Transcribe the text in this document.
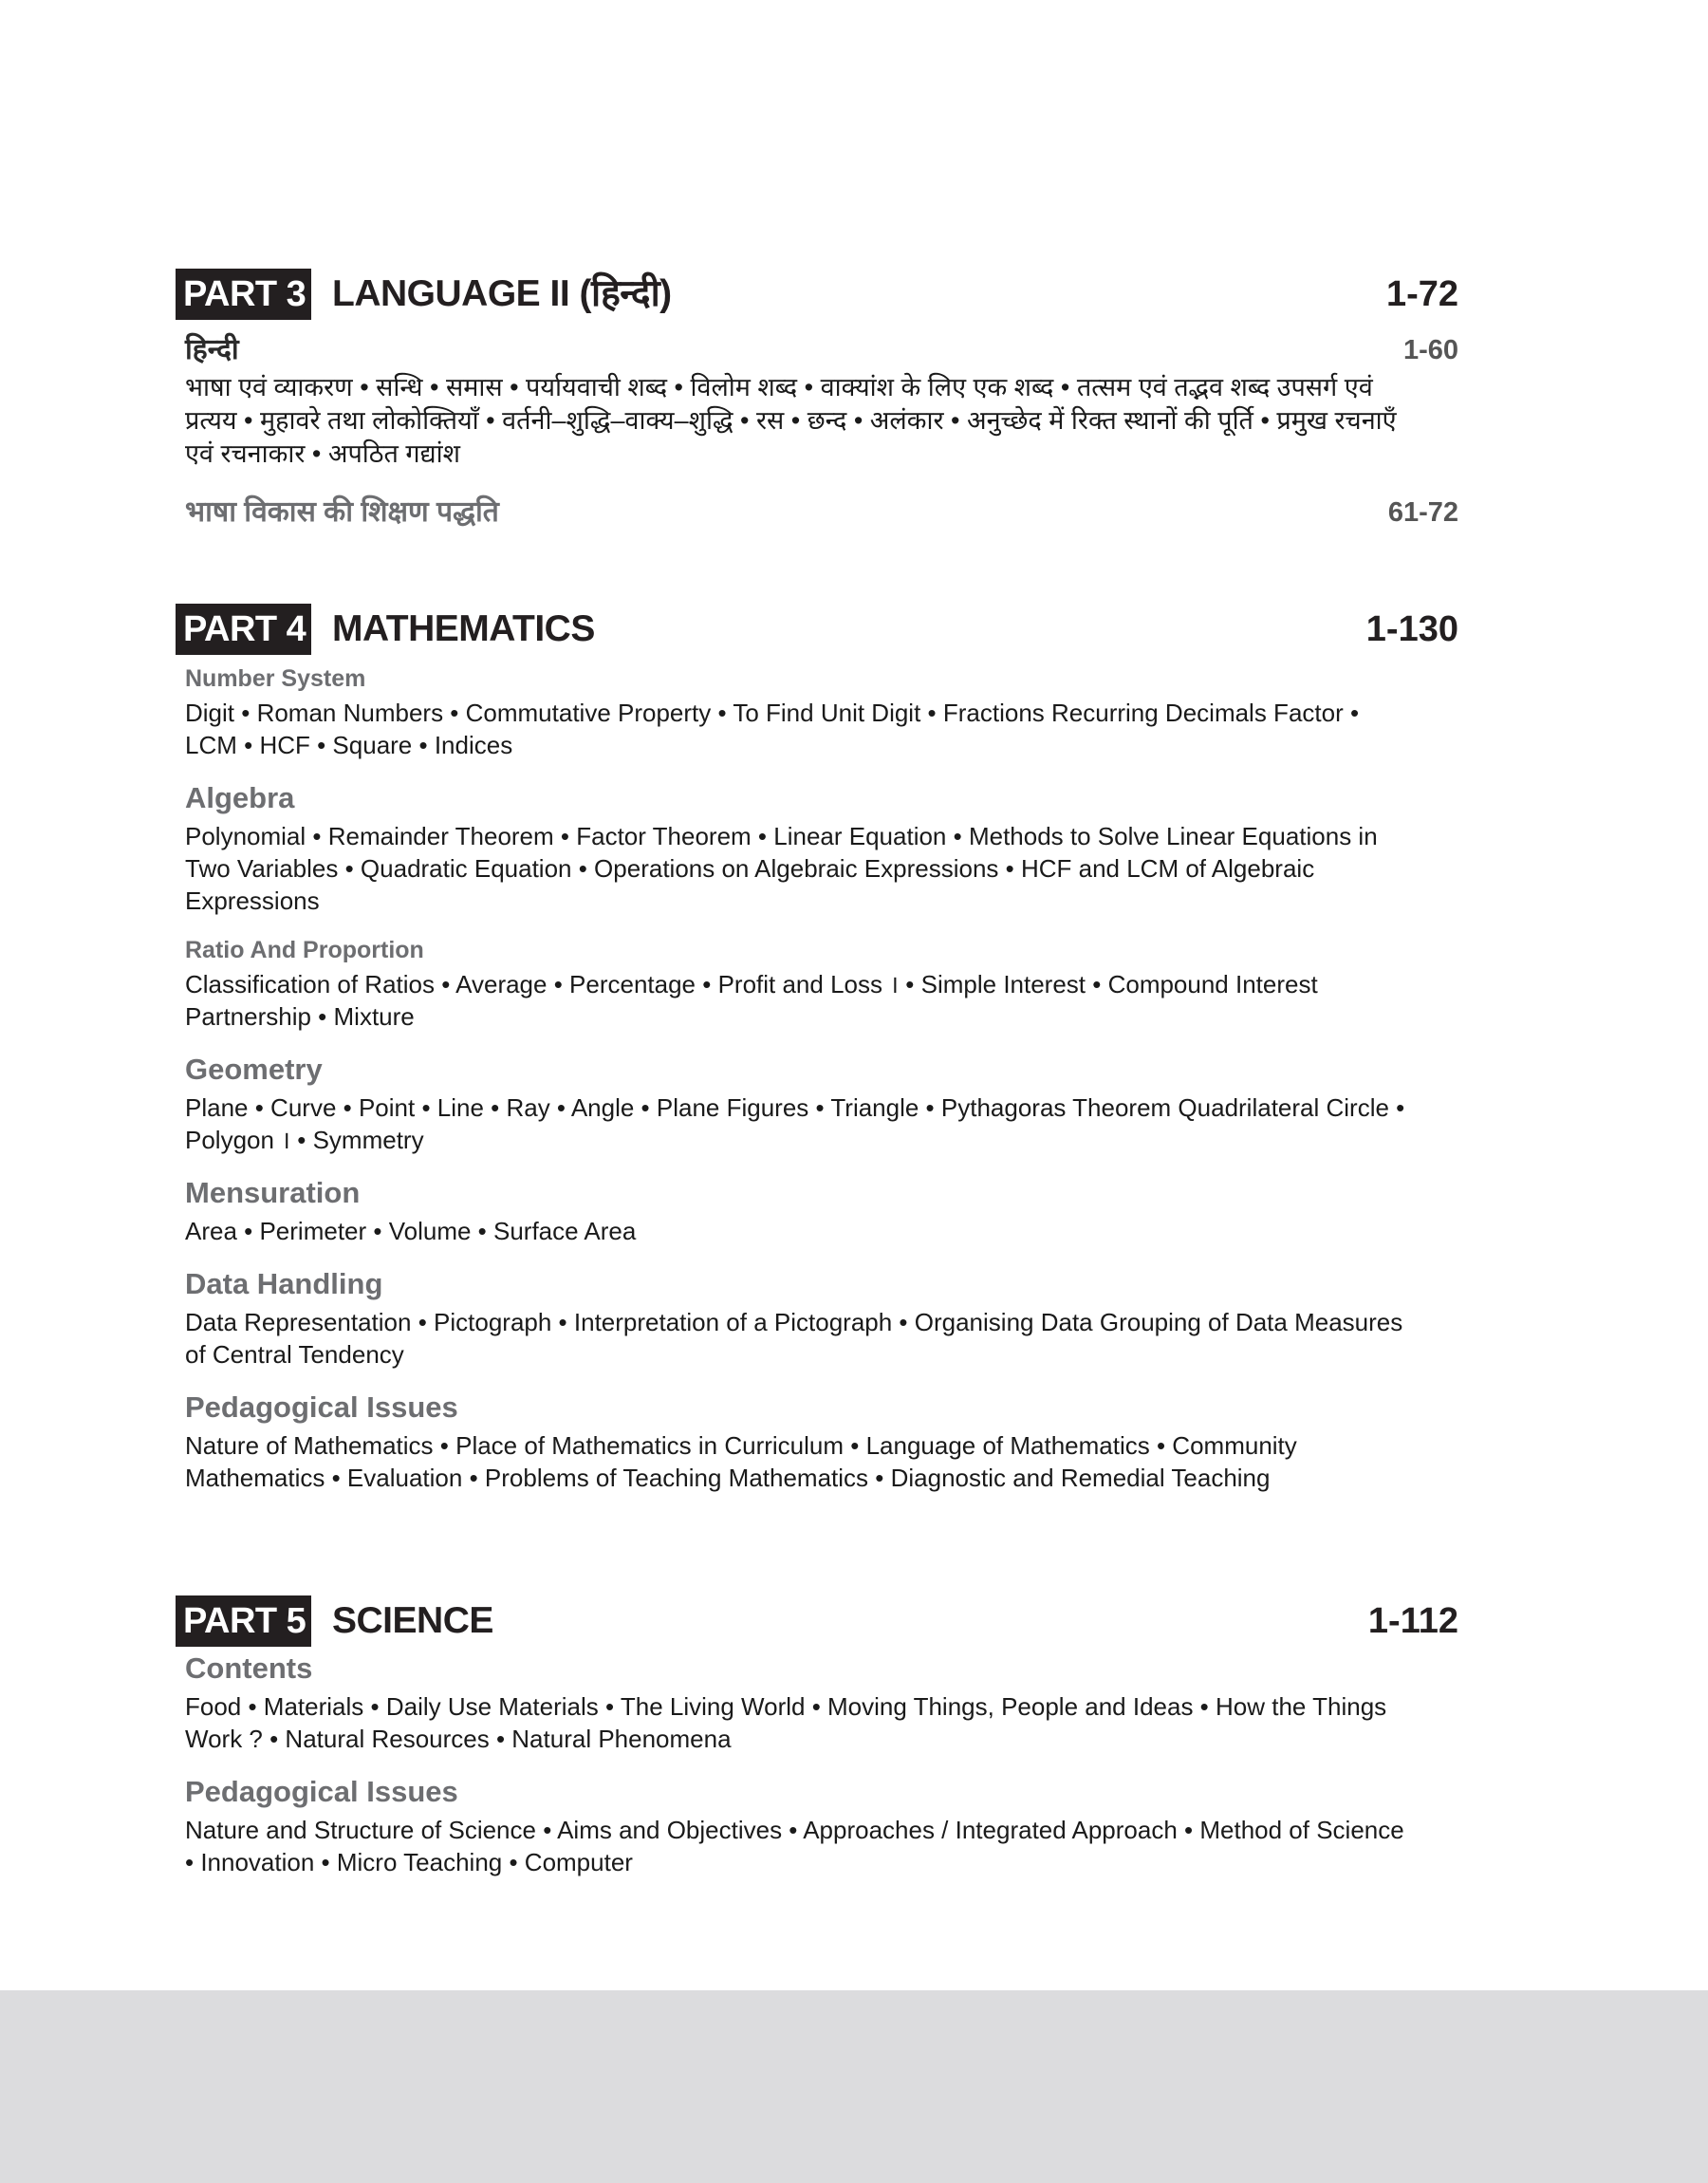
PART 3 LANGUAGE II (हिन्दी)	1-72
हिन्दी	1-60
भाषा एवं व्याकरण • सन्धि • समास • पर्यायवाची शब्द • विलोम शब्द • वाक्यांश के लिए एक शब्द • तत्सम एवं तद्भव शब्द उपसर्ग एवं प्रत्यय • मुहावरे तथा लोकोक्तियाँ • वर्तनी–शुद्धि–वाक्य–शुद्धि • रस • छन्द • अलंकार • अनुच्छेद में रिक्त स्थानों की पूर्ति • प्रमुख रचनाएँ एवं रचनाकार • अपठित गद्यांश
भाषा विकास की शिक्षण पद्धति	61-72
PART 4 MATHEMATICS	1-130
Number System
Digit • Roman Numbers • Commutative Property • To Find Unit Digit • Fractions Recurring Decimals Factor • LCM • HCF • Square • Indices
Algebra
Polynomial • Remainder Theorem • Factor Theorem • Linear Equation • Methods to Solve Linear Equations in Two Variables • Quadratic Equation • Operations on Algebraic Expressions • HCF and LCM of Algebraic Expressions
Ratio And Proportion
Classification of Ratios • Average • Percentage • Profit and Loss । • Simple Interest • Compound Interest Partnership • Mixture
Geometry
Plane • Curve • Point • Line • Ray • Angle • Plane Figures • Triangle • Pythagoras Theorem Quadrilateral Circle • Polygon । • Symmetry
Mensuration
Area • Perimeter • Volume • Surface Area
Data Handling
Data Representation • Pictograph • Interpretation of a Pictograph • Organising Data Grouping of Data Measures of Central Tendency
Pedagogical Issues
Nature of Mathematics • Place of Mathematics in Curriculum • Language of Mathematics • Community Mathematics • Evaluation • Problems of Teaching Mathematics • Diagnostic and Remedial Teaching
PART 5 SCIENCE	1-112
Contents
Food • Materials • Daily Use Materials • The Living World • Moving Things, People and Ideas • How the Things Work ? • Natural Resources • Natural Phenomena
Pedagogical Issues
Nature and Structure of Science • Aims and Objectives • Approaches / Integrated Approach • Method of Science • Innovation • Micro Teaching • Computer
